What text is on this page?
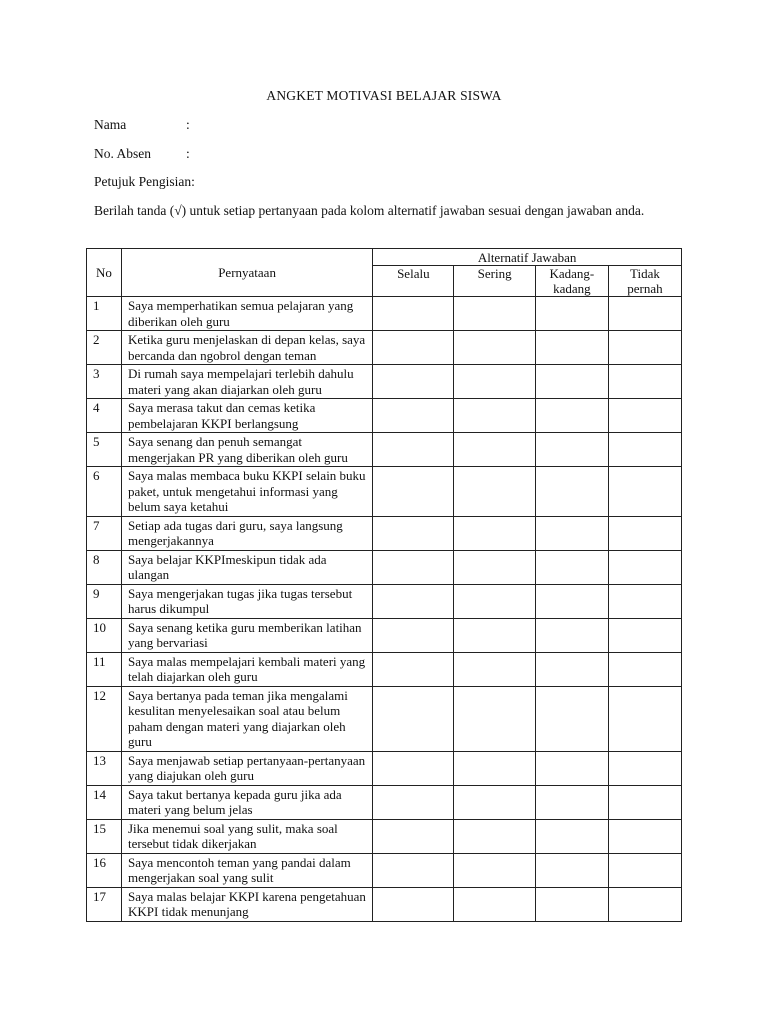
ANGKET MOTIVASI BELAJAR SISWA
Nama	:
No. Absen	:
Petujuk Pengisian:
Berilah tanda (√) untuk setiap pertanyaan pada kolom alternatif jawaban sesuai dengan jawaban anda.
No	Pernyataan	Alternatif Jawaban			
		Selalu	Sering	Kadang-kadang	Tidak pernah
1	Saya memperhatikan semua pelajaran yang diberikan oleh guru				
2	Ketika guru menjelaskan di depan kelas, saya bercanda dan ngobrol dengan teman				
3	Di rumah saya mempelajari terlebih dahulu materi yang akan diajarkan oleh guru				
4	Saya merasa takut dan cemas ketika pembelajaran KKPI berlangsung				
5	Saya senang dan penuh semangat mengerjakan PR yang diberikan oleh guru				
6	Saya malas membaca buku KKPI selain buku paket, untuk mengetahui informasi yang belum saya ketahui				
7	Setiap ada tugas dari guru, saya langsung mengerjakannya				
8	Saya belajar KKPImeskipun tidak ada ulangan				
9	Saya mengerjakan tugas jika tugas tersebut harus dikumpul				
10	Saya senang ketika guru memberikan latihan yang bervariasi				
11	Saya malas mempelajari kembali materi yang telah diajarkan oleh guru				
12	Saya bertanya pada teman jika mengalami kesulitan menyelesaikan soal atau belum paham dengan materi yang diajarkan oleh guru				
13	Saya menjawab setiap pertanyaan-pertanyaan yang diajukan oleh guru				
14	Saya takut bertanya kepada guru jika ada materi yang belum jelas				
15	Jika menemui soal yang sulit, maka soal tersebut tidak dikerjakan				
16	Saya mencontoh teman yang pandai dalam mengerjakan soal yang sulit				
17	Saya malas belajar KKPI karena pengetahuan KKPI tidak menunjang				
